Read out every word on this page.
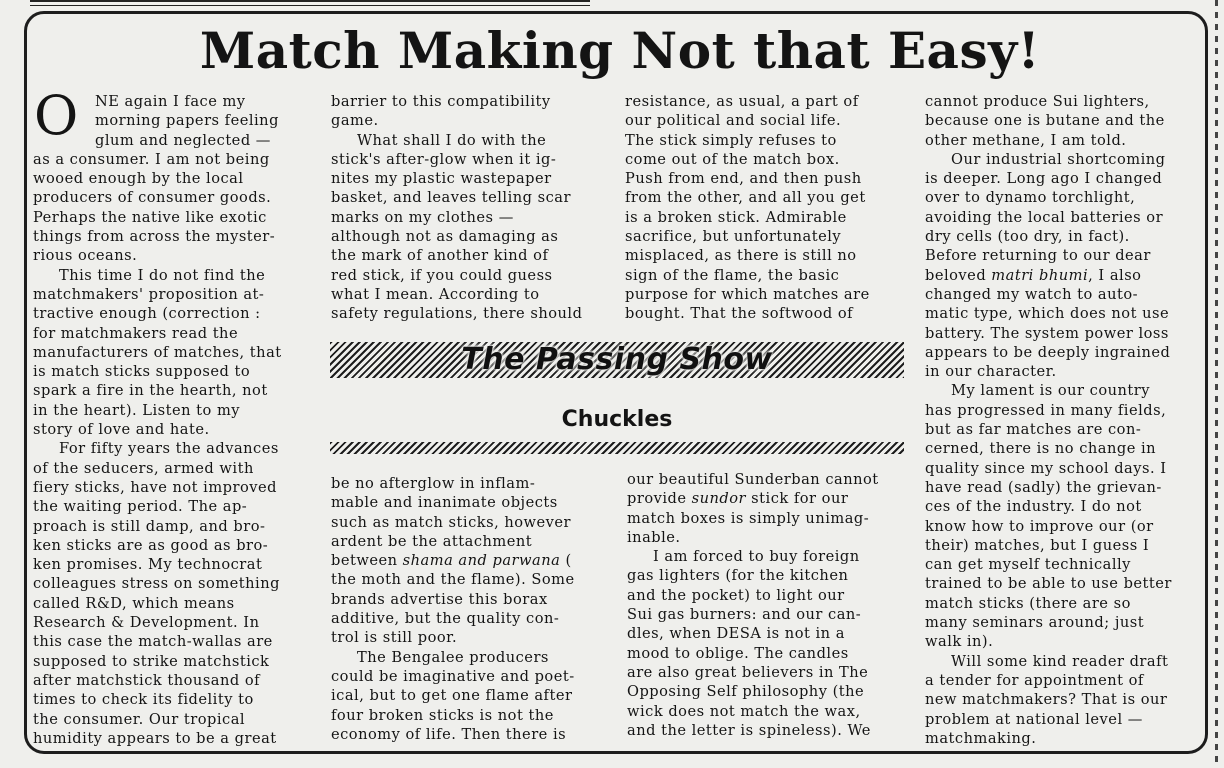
Match Making Not that Easy!
O	NE again I face my

morning papers feeling

glum and neglected —

as a consumer. I am not being

wooed enough by the local

producers of consumer goods.

Perhaps the native like exotic

things from across the myster-

rious oceans.

This time I do not find the

matchmakers' proposition at-

tractive enough (correction :

for matchmakers read the

manufacturers of matches, that

is match sticks supposed to

spark a fire in the hearth, not

in the heart). Listen to my

story of love and hate.

For fifty years the advances

of the seducers, armed with

fiery sticks, have not improved

the waiting period. The ap-

proach is still damp, and bro-

ken sticks are as good as bro-

ken promises. My technocrat

colleagues stress on something

called R&D, which means

Research & Development. In

this case the match-wallas are

supposed to strike matchstick

after matchstick thousand of

times to check its fidelity to

the consumer. Our tropical

humidity appears to be a great

barrier to this compatibility

game.

What shall I do with the

stick's after-glow when it ig-

nites my plastic wastepaper

basket, and leaves telling scar

marks on my clothes —

although not as damaging as

the mark of another kind of

red stick, if you could guess

what I mean. According to

safety regulations, there should

resistance, as usual, a part of

our political and social life.

The stick simply refuses to

come out of the match box.

Push from end, and then push

from the other, and all you get

is a broken stick. Admirable

sacrifice, but unfortunately

misplaced, as there is still no

sign of the flame, the basic

purpose for which matches are

bought. That the softwood of

The Passing Show
Chuckles

be no afterglow in inflam-

mable and inanimate objects

such as match sticks, however

ardent be the attachment

between shama and parwana (

the moth and the flame). Some

brands advertise this borax

additive, but the quality con-

trol is still poor.

The Bengalee producers

could be imaginative and poet-

ical, but to get one flame after

four broken sticks is not the

economy of life. Then there is

our beautiful Sunderban cannot

provide sundor stick for our

match boxes is simply unimag-

inable.

I am forced to buy foreign

gas lighters (for the kitchen

and the pocket) to light our

Sui gas burners: and our can-

dles, when DESA is not in a

mood to oblige. The candles

are also great believers in The

Opposing Self philosophy (the

wick does not match the wax,

and the letter is spineless). We

cannot produce Sui lighters,

because one is butane and the

other methane, I am told.

Our industrial shortcoming

is deeper. Long ago I changed

over to dynamo torchlight,

avoiding the local batteries or

dry cells (too dry, in fact).

Before returning to our dear

beloved matri bhumi, I also

changed my watch to auto-

matic type, which does not use

battery. The system power loss

appears to be deeply ingrained

in our character.

My lament is our country

has progressed in many fields,

but as far matches are con-

cerned, there is no change in

quality since my school days. I

have read (sadly) the grievan-

ces of the industry. I do not

know how to improve our (or

their) matches, but I guess I

can get myself technically

trained to be able to use better

match sticks (there are so

many seminars around; just

walk in).

Will some kind reader draft

a tender for appointment of

new matchmakers? That is our

problem at national level —

matchmaking.
